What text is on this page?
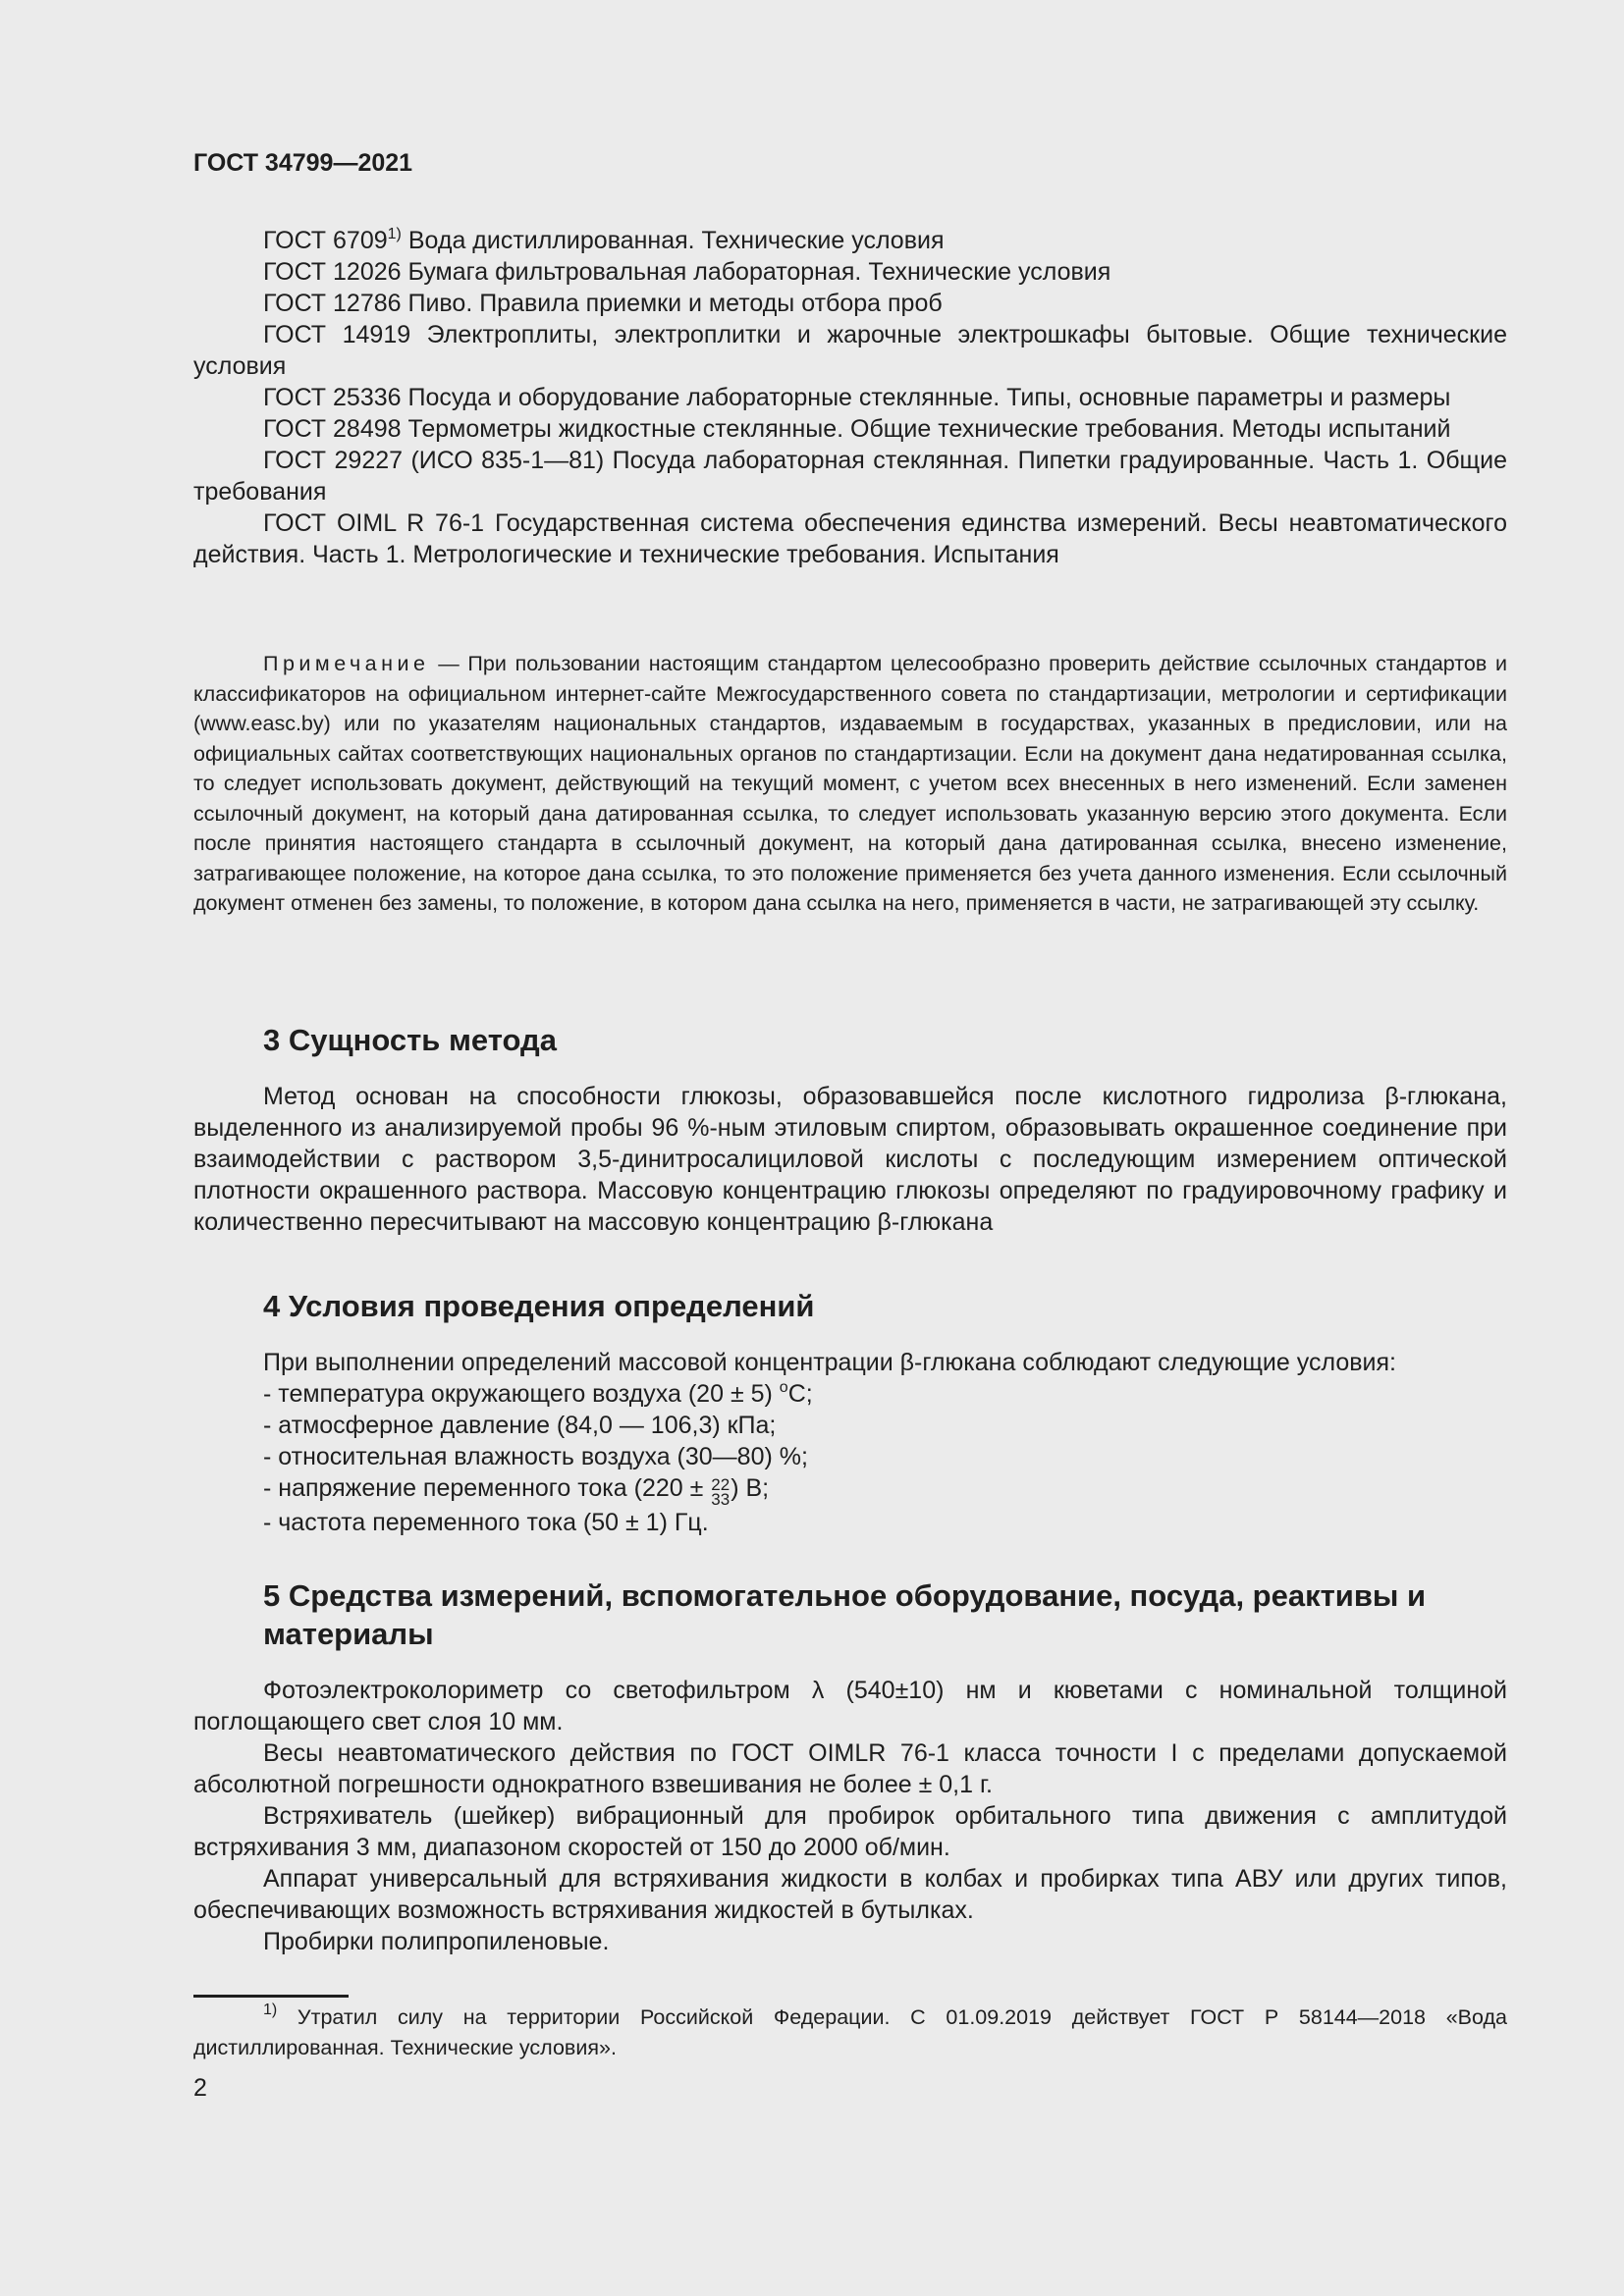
ГОСТ 34799—2021

ГОСТ 6709$^{1)}$ Вода дистиллированная. Технические условия

ГОСТ 12026 Бумага фильтровальная лабораторная. Технические условия

ГОСТ 12786 Пиво. Правила приемки и методы отбора проб

ГОСТ 14919 Электроплиты, электроплитки и жарочные электрошкафы бытовые. Общие технические условия

ГОСТ 25336 Посуда и оборудование лабораторные стеклянные. Типы, основные параметры и размеры

ГОСТ 28498 Термометры жидкостные стеклянные. Общие технические требования. Методы испытаний

ГОСТ 29227 (ИСО 835-1—81) Посуда лабораторная стеклянная. Пипетки градуированные. Часть 1. Общие требования

ГОСТ OIML R 76-1 Государственная система обеспечения единства измерений. Весы неавтоматического действия. Часть 1. Метрологические и технические требования. Испытания

Примечание — При пользовании настоящим стандартом целесообразно проверить действие ссылочных стандартов и классификаторов на официальном интернет-сайте Межгосударственного совета по стандартизации, метрологии и сертификации (www.easc.by) или по указателям национальных стандартов, издаваемым в государствах, указанных в предисловии, или на официальных сайтах соответствующих национальных органов по стандартизации. Если на документ дана недатированная ссылка, то следует использовать документ, действующий на текущий момент, с учетом всех внесенных в него изменений. Если заменен ссылочный документ, на который дана датированная ссылка, то следует использовать указанную версию этого документа. Если после принятия настоящего стандарта в ссылочный документ, на который дана датированная ссылка, внесено изменение, затрагивающее положение, на которое дана ссылка, то это положение применяется без учета данного изменения. Если ссылочный документ отменен без замены, то положение, в котором дана ссылка на него, применяется в части, не затрагивающей эту ссылку.

3 Сущность метода

Метод основан на способности глюкозы, образовавшейся после кислотного гидролиза β-глюкана, выделенного из анализируемой пробы 96 %-ным этиловым спиртом, образовывать окрашенное соединение при взаимодействии с раствором 3,5-динитросалициловой кислоты с последующим измерением оптической плотности окрашенного раствора. Массовую концентрацию глюкозы определяют по градуировочному графику и количественно пересчитывают на массовую концентрацию β-глюкана

4 Условия проведения определений
При выполнении определений массовой концентрации β-глюкана соблюдают следующие условия:
- температура окружающего воздуха (20 ± 5) $^о$С;
- атмосферное давление (84,0 — 106,3) кПа;
- относительная влажность воздуха (30—80) %;
- напряжение переменного тока (220 ± 22
33 ) В;
- частота переменного тока (50 ± 1) Гц.
5 Средства измерений, вспомогательное оборудование, посуда, реактивы и материалы

Фотоэлектроколориметр со светофильтром λ (540±10) нм и кюветами с номинальной толщиной поглощающего свет слоя 10 мм.

Весы неавтоматического действия по ГОСТ OIMLR 76-1 класса точности I с пределами допускаемой абсолютной погрешности однократного взвешивания не более ± 0,1 г.

Встряхиватель (шейкер) вибрационный для пробирок орбитального типа движения с амплитудой встряхивания 3 мм, диапазоном скоростей от 150 до 2000 об/мин.

Аппарат универсальный для встряхивания жидкости в колбах и пробирках типа АВУ или других типов, обеспечивающих возможность встряхивания жидкостей в бутылках.

Пробирки полипропиленовые.

$^{1)}$ Утратил силу на территории Российской Федерации. С 01.09.2019 действует ГОСТ Р 58144—2018 «Вода дистиллированная. Технические условия».

2
